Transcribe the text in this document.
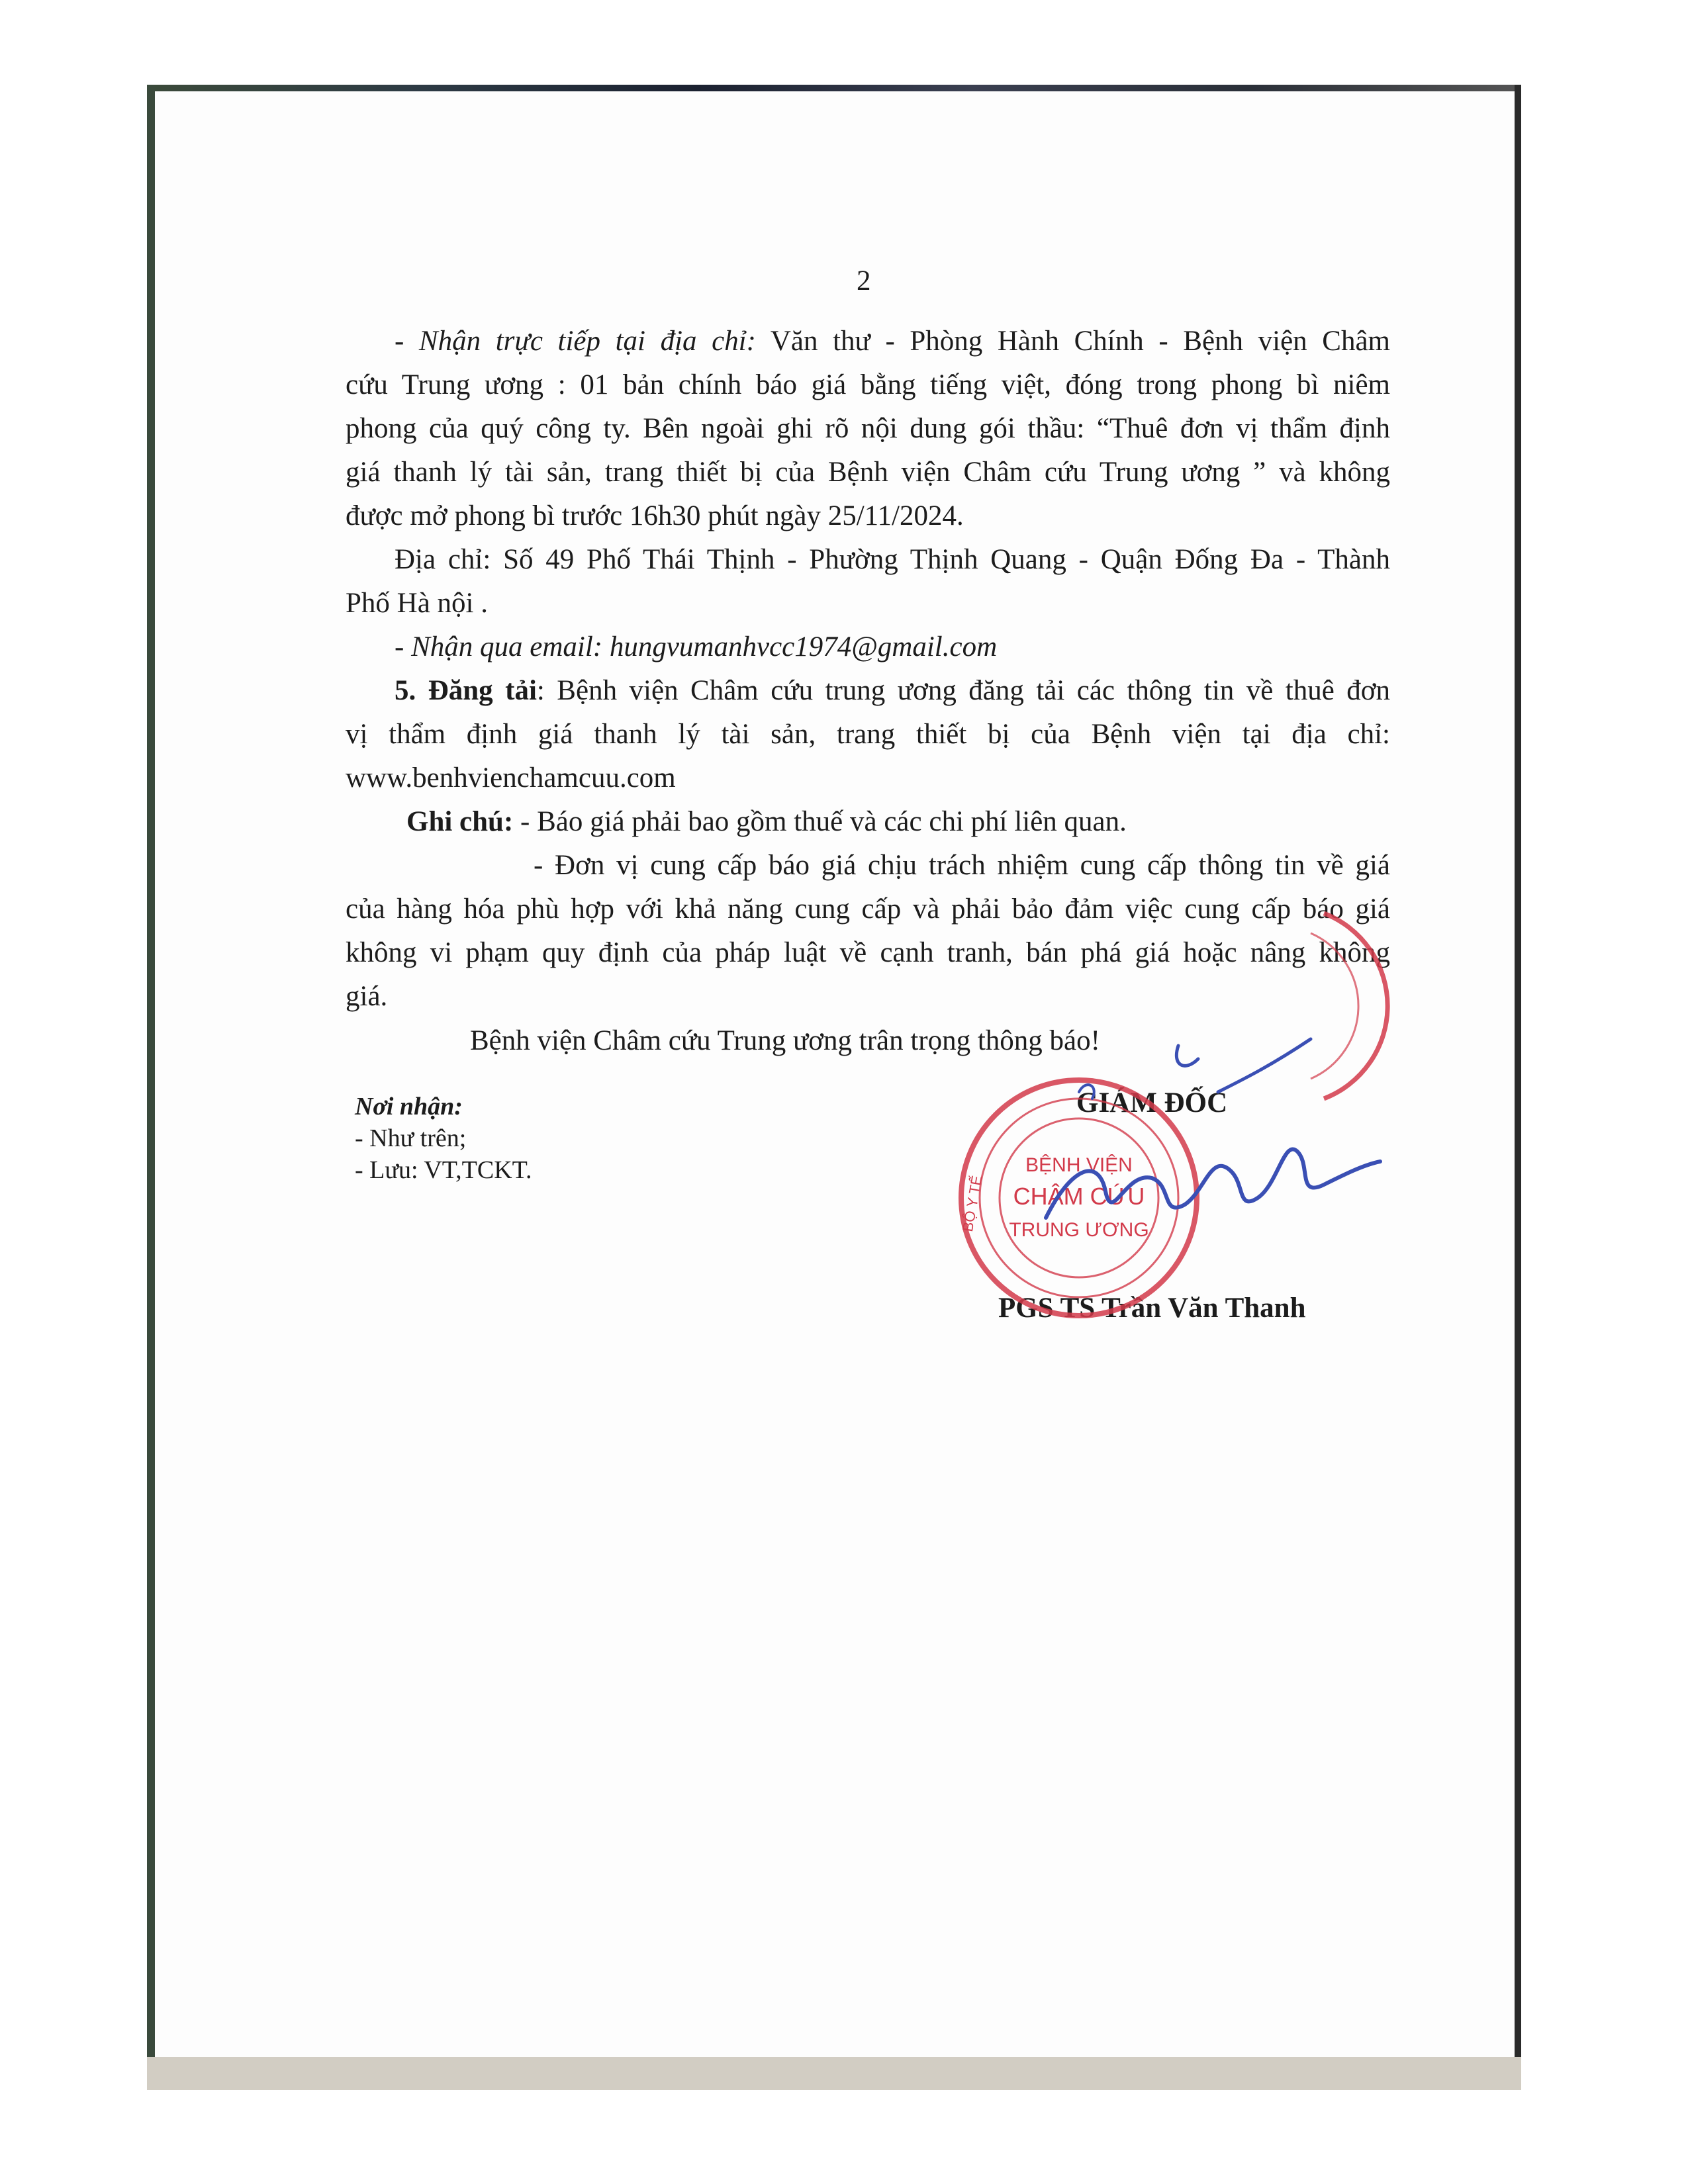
2
- Nhận trực tiếp tại địa chỉ: Văn thư - Phòng Hành Chính - Bệnh viện Châm
cứu Trung ương : 01 bản chính báo giá bằng tiếng việt, đóng trong phong bì niêm
phong của quý công ty. Bên ngoài ghi rõ nội dung gói thầu: “Thuê đơn vị thẩm định
giá thanh lý tài sản, trang thiết bị của Bệnh viện Châm cứu Trung ương ” và không
được mở phong bì trước 16h30 phút ngày 25/11/2024.
Địa chỉ: Số 49 Phố Thái Thịnh - Phường Thịnh Quang - Quận Đống Đa - Thành
Phố Hà nội .
- Nhận qua email: hungvumanhvcc1974@gmail.com
5. Đăng tải: Bệnh viện Châm cứu trung ương đăng tải các thông tin về thuê đơn
vị thẩm định giá thanh lý tài sản, trang thiết bị của Bệnh viện tại địa chỉ:
www.benhvienchamcuu.com
Ghi chú: - Báo giá phải bao gồm thuế và các chi phí liên quan.
- Đơn vị cung cấp báo giá chịu trách nhiệm cung cấp thông tin về giá
của hàng hóa phù hợp với khả năng cung cấp và phải bảo đảm việc cung cấp báo giá
không vi phạm quy định của pháp luật về cạnh tranh, bán phá giá hoặc nâng không
giá.
Bệnh viện Châm cứu Trung ương trân trọng thông báo!
Nơi nhận:
- Như trên;
- Lưu: VT,TCKT.
GIÁM ĐỐC
PGS TS Trần Văn Thanh
BỆNH VIỆN
CHÂM CỨU
TRUNG ƯƠNG
BỘ Y TẾ
